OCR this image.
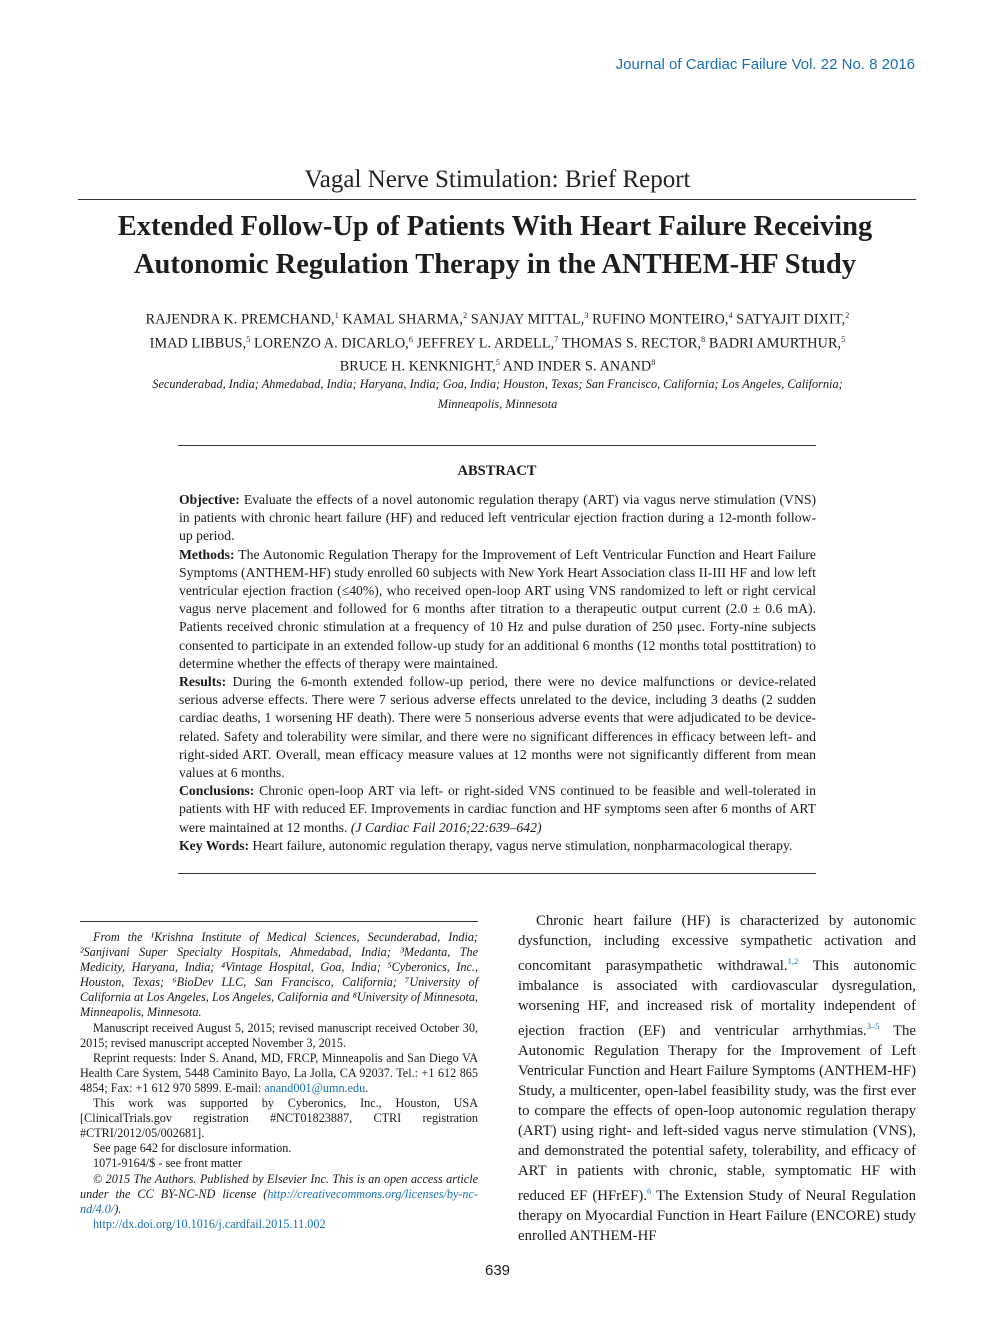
Journal of Cardiac Failure Vol. 22 No. 8 2016
Vagal Nerve Stimulation: Brief Report
Extended Follow-Up of Patients With Heart Failure Receiving
Autonomic Regulation Therapy in the ANTHEM-HF Study
RAJENDRA K. PREMCHAND,$^1$ KAMAL SHARMA,$^2$ SANJAY MITTAL,$^3$ RUFINO MONTEIRO,$^4$ SATYAJIT DIXIT,$^2$
IMAD LIBBUS,$^5$ LORENZO A. DICARLO,$^6$ JEFFREY L. ARDELL,$^7$ THOMAS S. RECTOR,$^8$ BADRI AMURTHUR,$^5$
BRUCE H. KENKNIGHT,$^5$ AND INDER S. ANAND$^8$
Secunderabad, India; Ahmedabad, India; Haryana, India; Goa, India; Houston, Texas; San Francisco, California; Los Angeles, California;
Minneapolis, Minnesota
ABSTRACT

Objective: Evaluate the effects of a novel autonomic regulation therapy (ART) via vagus nerve stimulation (VNS) in patients with chronic heart failure (HF) and reduced left ventricular ejection fraction during a 12-month follow-up period.

Methods: The Autonomic Regulation Therapy for the Improvement of Left Ventricular Function and Heart Failure Symptoms (ANTHEM-HF) study enrolled 60 subjects with New York Heart Association class II-III HF and low left ventricular ejection fraction (≤40%), who received open-loop ART using VNS randomized to left or right cervical vagus nerve placement and followed for 6 months after titration to a therapeutic output current (2.0 ± 0.6 mA). Patients received chronic stimulation at a frequency of 10 Hz and pulse duration of 250 μsec. Forty-nine subjects consented to participate in an extended follow-up study for an additional 6 months (12 months total posttitration) to determine whether the effects of therapy were maintained.

Results: During the 6-month extended follow-up period, there were no device malfunctions or device-related serious adverse effects. There were 7 serious adverse effects unrelated to the device, including 3 deaths (2 sudden cardiac deaths, 1 worsening HF death). There were 5 nonserious adverse events that were adjudicated to be device-related. Safety and tolerability were similar, and there were no significant differences in efficacy between left- and right-sided ART. Overall, mean efficacy measure values at 12 months were not significantly different from mean values at 6 months.

Conclusions: Chronic open-loop ART via left- or right-sided VNS continued to be feasible and well-tolerated in patients with HF with reduced EF. Improvements in cardiac function and HF symptoms seen after 6 months of ART were maintained at 12 months. (J Cardiac Fail 2016;22:639–642)

Key Words: Heart failure, autonomic regulation therapy, vagus nerve stimulation, nonpharmacological therapy.

From the ¹Krishna Institute of Medical Sciences, Secunderabad, India; ²Sanjivani Super Specialty Hospitals, Ahmedabad, India; ³Medanta, The Medicity, Haryana, India; ⁴Vintage Hospital, Goa, India; ⁵Cyberonics, Inc., Houston, Texas; ⁶BioDev LLC, San Francisco, California; ⁷University of California at Los Angeles, Los Angeles, California and ⁸University of Minnesota, Minneapolis, Minnesota.

Manuscript received August 5, 2015; revised manuscript received October 30, 2015; revised manuscript accepted November 3, 2015.

Reprint requests: Inder S. Anand, MD, FRCP, Minneapolis and San Diego VA Health Care System, 5448 Caminito Bayo, La Jolla, CA 92037. Tel.: +1 612 865 4854; Fax: +1 612 970 5899. E-mail: anand001@umn.edu.

This work was supported by Cyberonics, Inc., Houston, USA [ClinicalTrials.gov registration #NCT01823887, CTRI registration #CTRI/2012/05/002681].

See page 642 for disclosure information.

1071-9164/$ - see front matter

© 2015 The Authors. Published by Elsevier Inc. This is an open access article under the CC BY-NC-ND license (http://creativecommons.org/licenses/by-nc-nd/4.0/).

http://dx.doi.org/10.1016/j.cardfail.2015.11.002

Chronic heart failure (HF) is characterized by autonomic dysfunction, including excessive sympathetic activation and concomitant parasympathetic withdrawal.$^{1,2}$ This autonomic imbalance is associated with cardiovascular dysregulation, worsening HF, and increased risk of mortality independent of ejection fraction (EF) and ventricular arrhythmias.$^{3-5}$ The Autonomic Regulation Therapy for the Improvement of Left Ventricular Function and Heart Failure Symptoms (ANTHEM-HF) Study, a multicenter, open-label feasibility study, was the first ever to compare the effects of open-loop autonomic regulation therapy (ART) using right- and left-sided vagus nerve stimulation (VNS), and demonstrated the potential safety, tolerability, and efficacy of ART in patients with chronic, stable, symptomatic HF with reduced EF (HFrEF).$^6$ The Extension Study of Neural Regulation therapy on Myocardial Function in Heart Failure (ENCORE) study enrolled ANTHEM-HF

639
